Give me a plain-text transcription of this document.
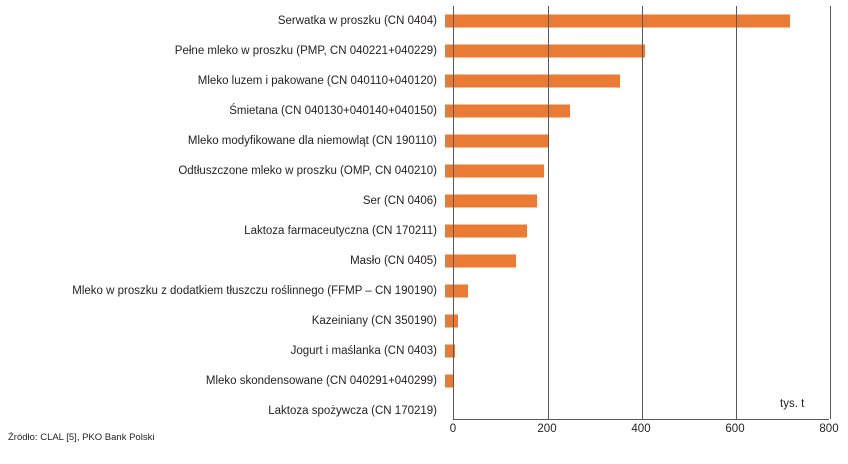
Serwatka w proszku (CN 0404)
Pełne mleko w proszku (PMP, CN 040221+040229)
Mleko luzem i pakowane (CN 040110+040120)
Śmietana (CN 040130+040140+040150)
Mleko modyfikowane dla niemowląt (CN 190110)
Odtłuszczone mleko w proszku (OMP, CN 040210)
Ser (CN 0406)
Laktoza farmaceutyczna (CN 170211)
Masło (CN 0405)
Mleko w proszku z dodatkiem tłuszczu roślinnego (FFMP – CN 190190)
Kazeiniany (CN 350190)
Jogurt i maślanka (CN 0403)
Mleko skondensowane (CN 040291+040299)
Laktoza spożywcza (CN 170219)
0	200	400	600	800
tys. t
Źródło: CLAL [5], PKO Bank Polski
